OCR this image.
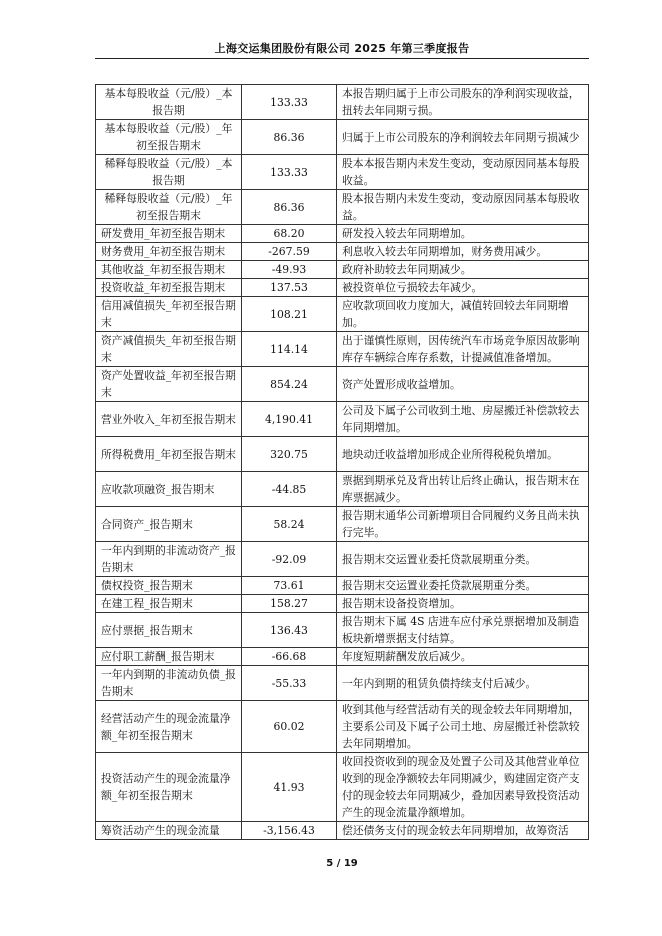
上海交运集团股份有限公司 2025 年第三季度报告
基本每股收益（元/股）_本报告期	133.33	本报告期归属于上市公司股东的净利润实现收益，扭转去年同期亏损。

基本每股收益（元/股）_年初至报告期末	86.36	归属于上市公司股东的净利润较去年同期亏损减少

稀释每股收益（元/股）_本报告期	133.33	股本本报告期内未发生变动，变动原因同基本每股收益。

稀释每股收益（元/股）_年初至报告期末	86.36	股本报告期内未发生变动，变动原因同基本每股收益。

研发费用_年初至报告期末	68.20	研发投入较去年同期增加。

财务费用_年初至报告期末	-267.59	利息收入较去年同期增加，财务费用减少。

其他收益_年初至报告期末	-49.93	政府补助较去年同期减少。

投资收益_年初至报告期末	137.53	被投资单位亏损较去年减少。

信用减值损失_年初至报告期末	108.21	应收款项回收力度加大，减值转回较去年同期增加。

资产减值损失_年初至报告期末	114.14	出于谨慎性原则，因传统汽车市场竞争原因故影响库存车辆综合库存系数，计提减值准备增加。

资产处置收益_年初至报告期末	854.24	资产处置形成收益增加。

营业外收入_年初至报告期末	4,190.41	公司及下属子公司收到土地、房屋搬迁补偿款较去年同期增加。

所得税费用_年初至报告期末	320.75	地块动迁收益增加形成企业所得税税负增加。

应收款项融资_报告期末	-44.85	票据到期承兑及背出转让后终止确认，报告期末在库票据减少。

合同资产_报告期末	58.24	报告期末通华公司新增项目合同履约义务且尚未执行完毕。

一年内到期的非流动资产_报告期末	-92.09	报告期末交运置业委托贷款展期重分类。

债权投资_报告期末	73.61	报告期末交运置业委托贷款展期重分类。

在建工程_报告期末	158.27	报告期末设备投资增加。

应付票据_报告期末	136.43	报告期末下属 4S 店进车应付承兑票据增加及制造板块新增票据支付结算。

应付职工薪酬_报告期末	-66.68	年度短期薪酬发放后减少。

一年内到期的非流动负债_报告期末	-55.33	一年内到期的租赁负债持续支付后减少。

经营活动产生的现金流量净额_年初至报告期末	60.02	收到其他与经营活动有关的现金较去年同期增加，主要系公司及下属子公司土地、房屋搬迁补偿款较去年同期增加。

投资活动产生的现金流量净额_年初至报告期末	41.93	收回投资收到的现金及处置子公司及其他营业单位收到的现金净额较去年同期减少，购建固定资产支付的现金较去年同期减少，叠加因素导致投资活动产生的现金流量净额增加。

筹资活动产生的现金流量	-3,156.43	偿还债务支付的现金较去年同期增加，故筹资活
5 / 19
